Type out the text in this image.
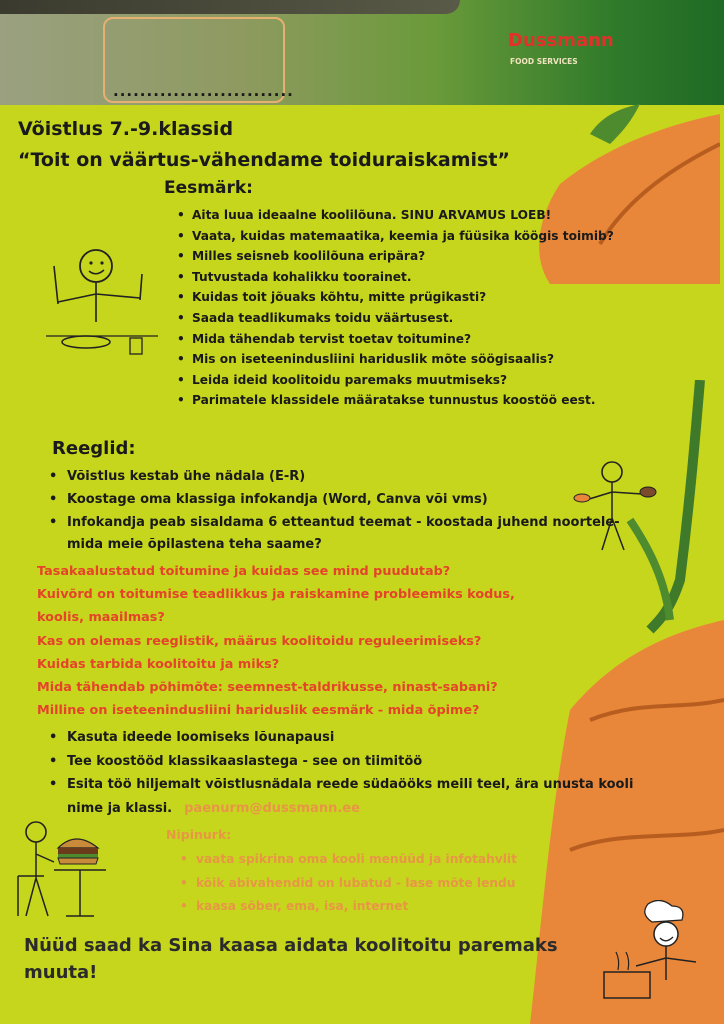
...........................
Dussmann
FOOD SERVICES
Võistlus 7.-9.klassid
“Toit on väärtus-vähendame toiduraiskamist”
Eesmärk:
• Aita luua ideaalne koolilõuna. SINU ARVAMUS LOEB!
• Vaata, kuidas matemaatika, keemia ja füüsika köögis toimib?
• Milles seisneb koolilõuna eripära?
• Tutvustada kohalikku toorainet.
• Kuidas toit jõuaks kõhtu, mitte prügikasti?
• Saada teadlikumaks toidu väärtusest.
• Mida tähendab tervist toetav toitumine?
• Mis on iseteenindusliini hariduslik mõte söögisaalis?
• Leida ideid koolitoidu paremaks muutmiseks?
• Parimatele klassidele määratakse tunnustus koostöö eest.
Reeglid:
• Võistlus kestab ühe nädala (E-R)
• Koostage oma klassiga infokandja (Word, Canva või vms)
• Infokandja peab sisaldama 6 etteantud teemat - koostada juhend noortele- mida meie õpilastena teha saame?
Tasakaalustatud toitumine ja kuidas see mind puudutab?
Kuivõrd on toitumise teadlikkus ja raiskamine probleemiks kodus,
koolis, maailmas?
Kas on olemas reeglistik, määrus koolitoidu reguleerimiseks?
Kuidas tarbida koolitoitu ja miks?
Mida tähendab põhimõte: seemnest-taldrikusse, ninast-sabani?
Milline on iseteenindusliini hariduslik eesmärk - mida õpime?
• Kasuta ideede loomiseks lõunapausi
• Tee koostööd klassikaaslastega - see on tiimitöö
• Esita töö hiljemalt võistlusnädala reede südaööks meili teel, ära unusta kooli nime ja klassi. paenurm@dussmann.ee
Nipinurk:
• vaata spikrina oma kooli menüüd ja infotahvlit
• kõik abivahendid on lubatud - lase mõte lendu
• kaasa sõber, ema, isa, internet
Nüüd saad ka Sina kaasa aidata koolitoitu paremaks muuta!
